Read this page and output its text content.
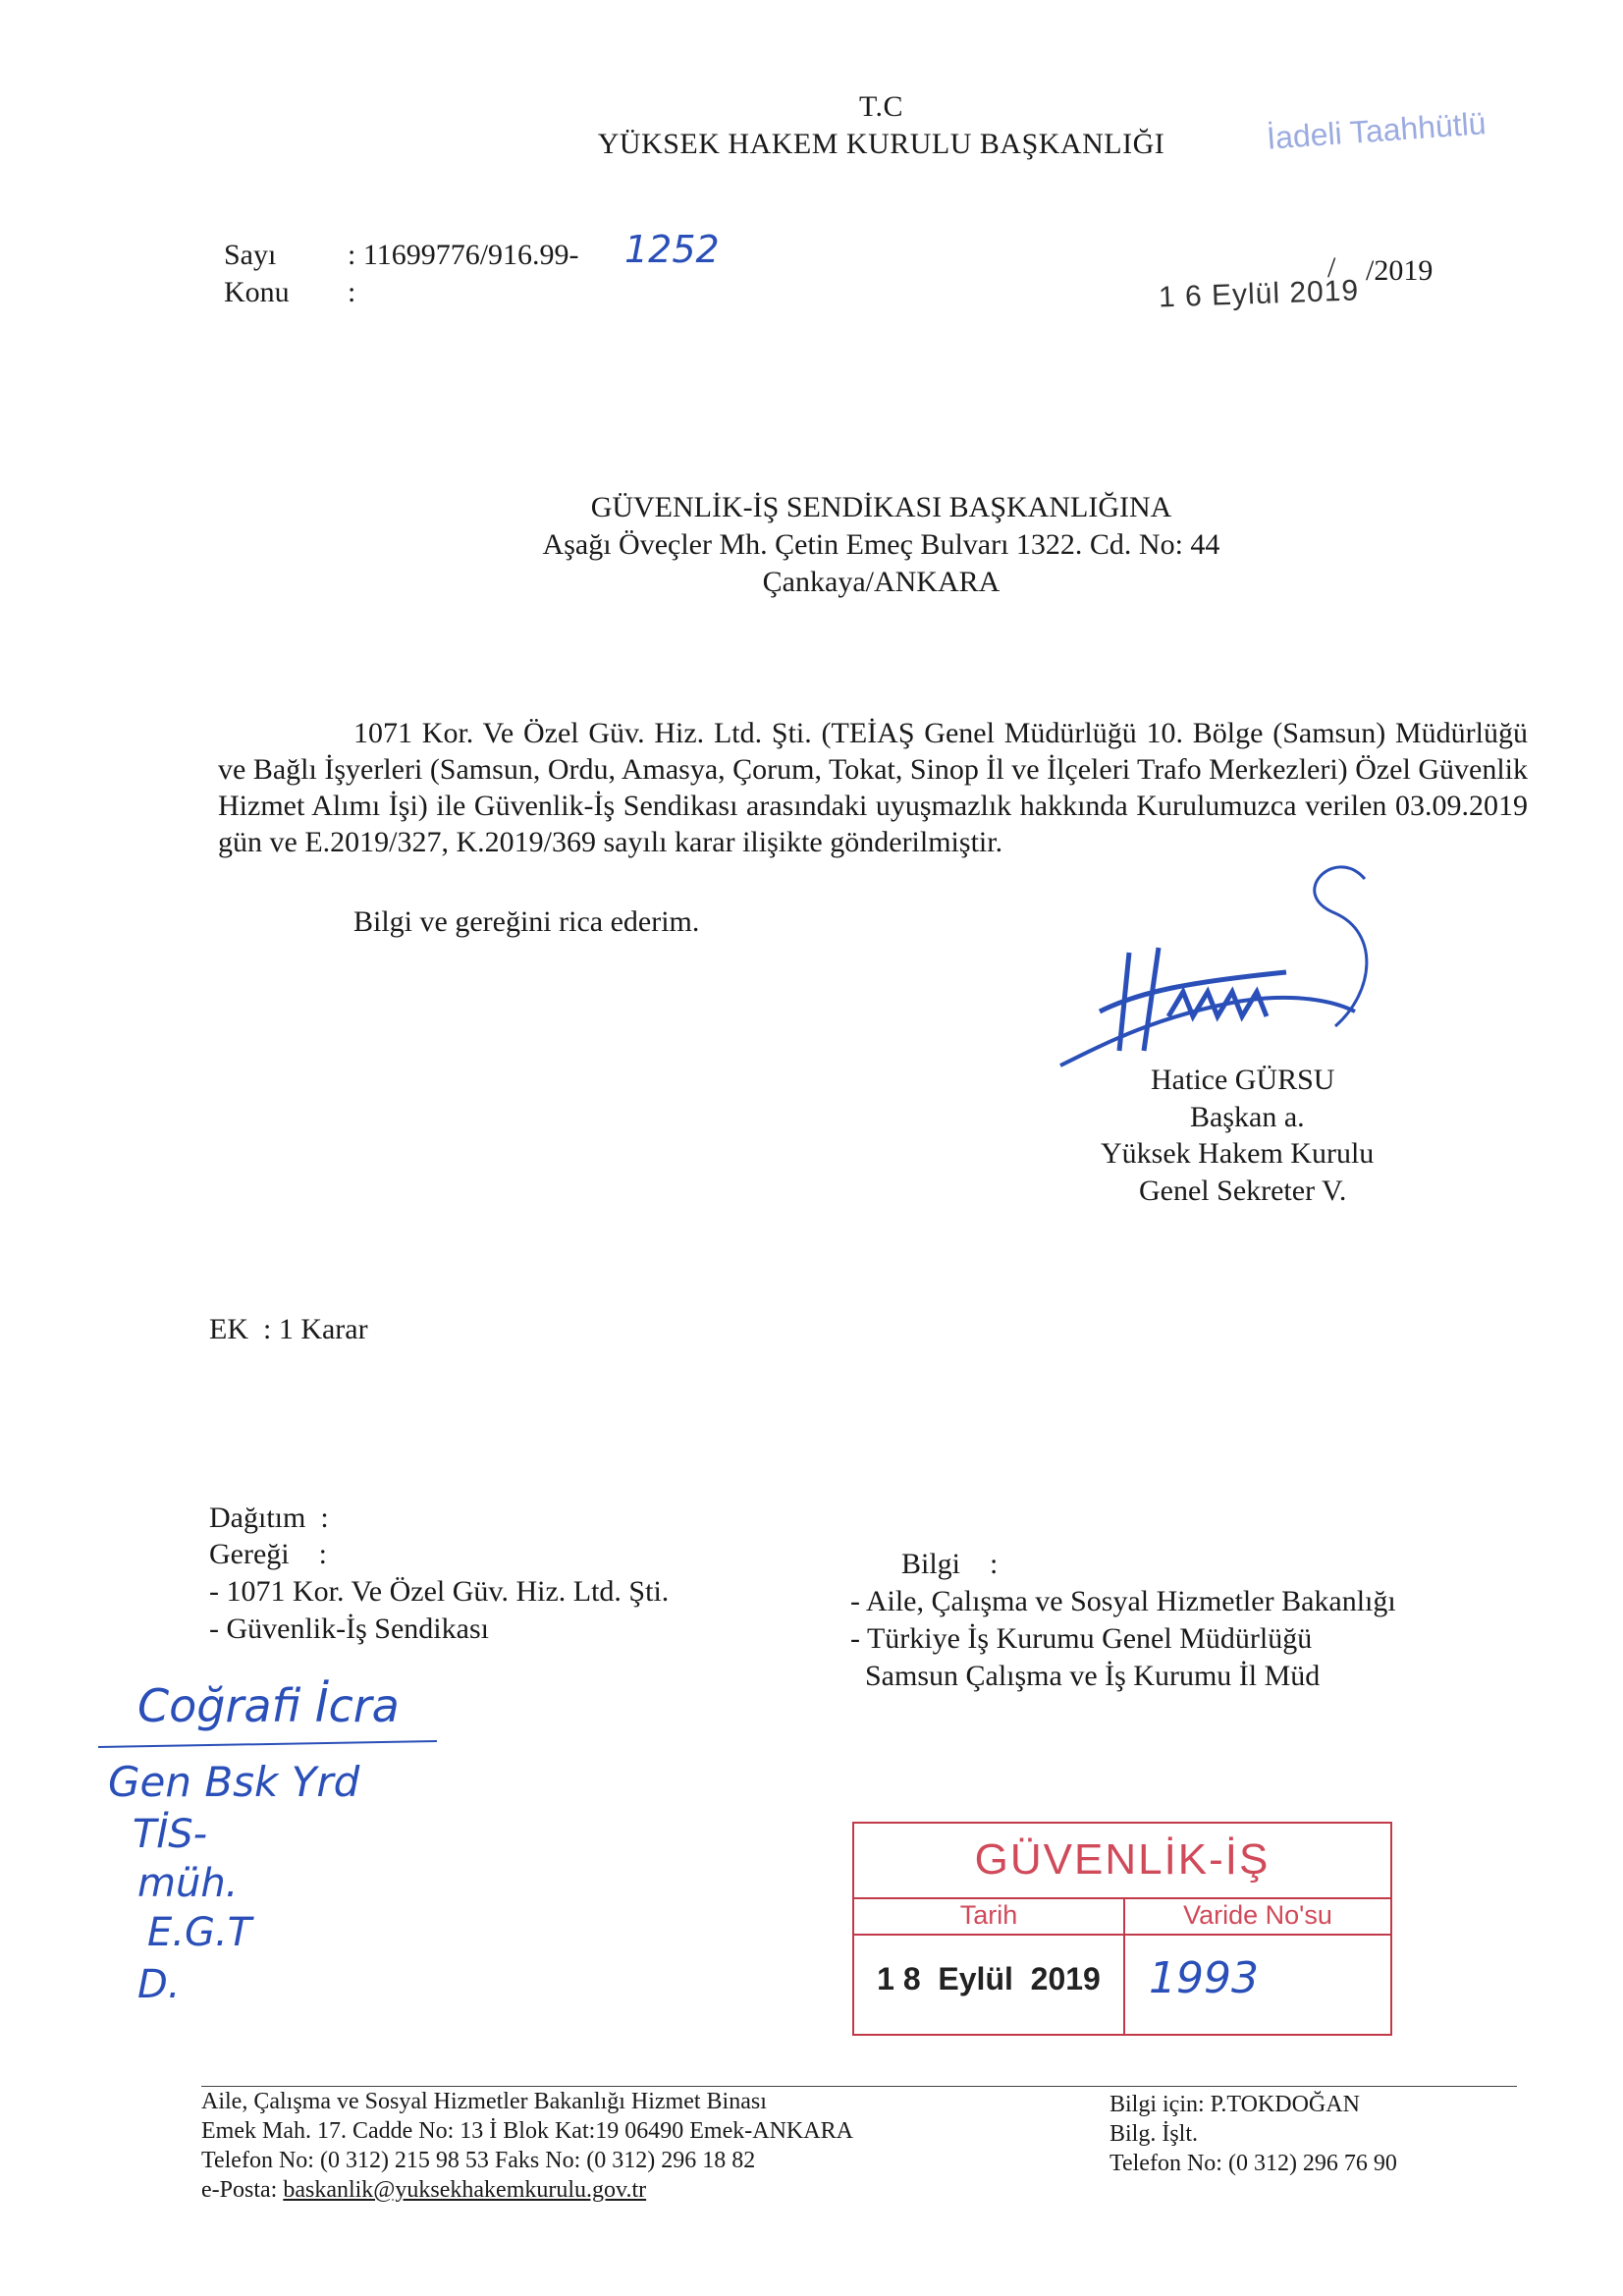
T.C
YÜKSEK HAKEM KURULU BAŞKANLIĞI	İadeli Taahhütlü
Sayı : 11699776/916.99- 1252
Konu :	1 6 Eylül 2019
/ /2019
GÜVENLİK-İŞ SENDİKASI BAŞKANLIĞINA
Aşağı Öveçler Mh. Çetin Emeç Bulvarı 1322. Cd. No: 44
Çankaya/ANKARA
1071 Kor. Ve Özel Güv. Hiz. Ltd. Şti. (TEİAŞ Genel Müdürlüğü 10. Bölge (Samsun) Müdürlüğü ve Bağlı İşyerleri (Samsun, Ordu, Amasya, Çorum, Tokat, Sinop İl ve İlçeleri Trafo Merkezleri) Özel Güvenlik Hizmet Alımı İşi) ile Güvenlik-İş Sendikası arasındaki uyuşmazlık hakkında Kurulumuzca verilen 03.09.2019 gün ve E.2019/327, K.2019/369 sayılı karar ilişikte gönderilmiştir.
Bilgi ve gereğini rica ederim.
Hatice GÜRSU
Başkan a.
Yüksek Hakem Kurulu
Genel Sekreter V.
EK  : 1 Karar
Dağıtım  :
Gereği    :
- 1071 Kor. Ve Özel Güv. Hiz. Ltd. Şti.
- Güvenlik-İş Sendikası
Bilgi    :
- Aile, Çalışma ve Sosyal Hizmetler Bakanlığı
- Türkiye İş Kurumu Genel Müdürlüğü
Samsun Çalışma ve İş Kurumu İl Müd
Coğrafi İcra
Gen Bsk Yrd
TİS-
müh.
E.G.T
D.
GÜVENLİK-İŞ
Tarih	Varide No'su
1 8  Eylül  2019	1993
Aile, Çalışma ve Sosyal Hizmetler Bakanlığı Hizmet Binası
Emek Mah. 17. Cadde No: 13 İ Blok Kat:19 06490 Emek-ANKARA
Telefon No: (0 312) 215 98 53 Faks No: (0 312) 296 18 82
e-Posta: baskanlik@yuksekhakemkurulu.gov.tr
Bilgi için: P.TOKDOĞAN
Bilg. İşlt.
Telefon No: (0 312) 296 76 90
